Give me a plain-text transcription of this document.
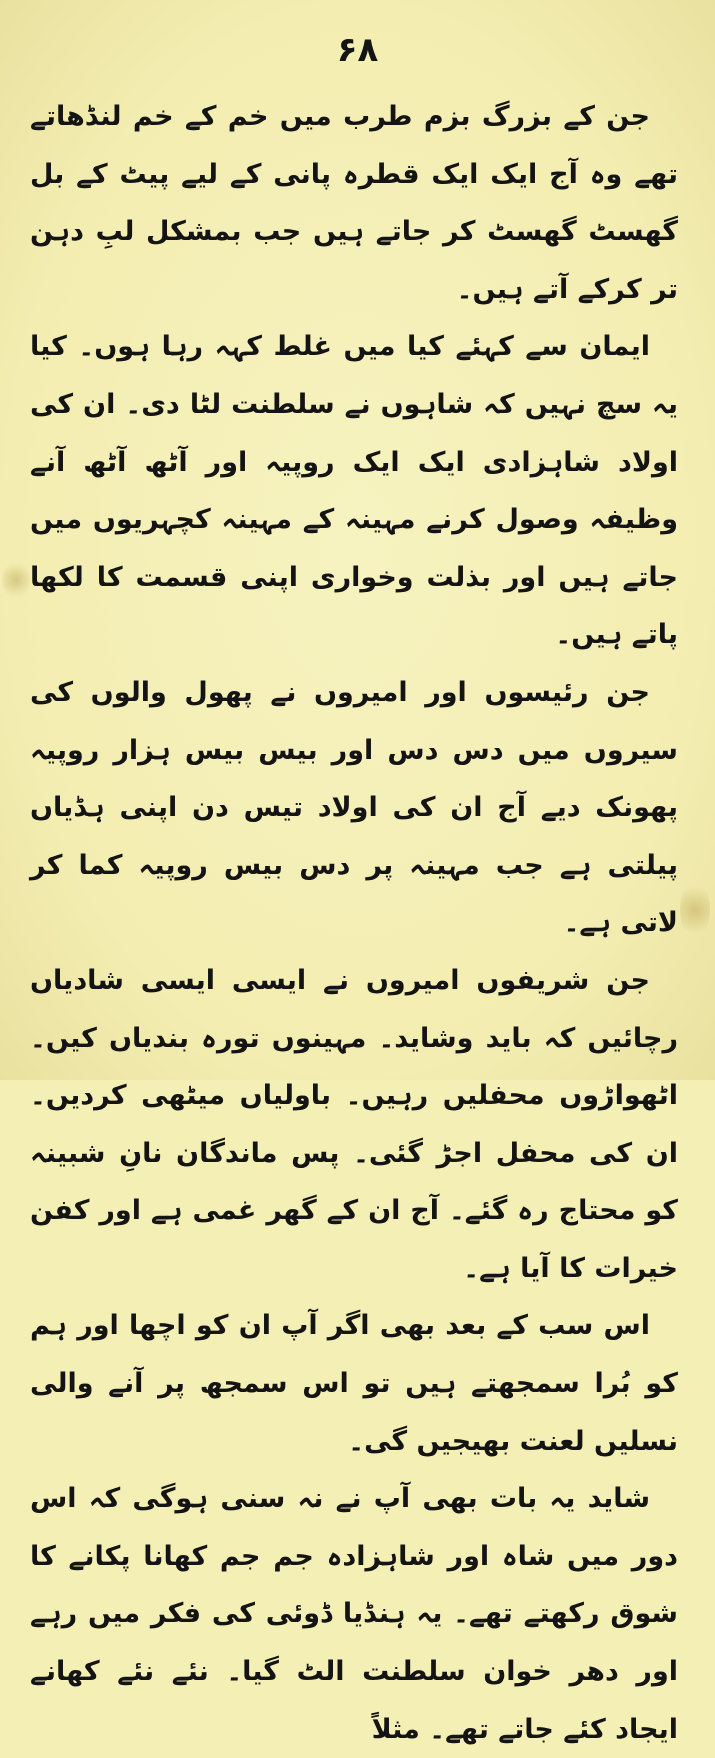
۶۸

جن کے بزرگ بزم طرب میں خم کے خم لنڈھاتے تھے وہ آج ایک ایک قطرہ پانی کے لیے پیٹ کے بل گھسٹ گھسٹ کر جاتے ہیں جب بمشکل لبِ دہن تر کرکے آتے ہیں۔

ایمان سے کہئے کیا میں غلط کہہ رہا ہوں۔ کیا یہ سچ نہیں کہ شاہوں نے سلطنت لٹا دی۔ ان کی اولاد شاہزادی ایک ایک روپیہ اور آٹھ آٹھ آنے وظیفہ وصول کرنے مہینہ کے مہینہ کچہریوں میں جاتے ہیں اور بذلت وخواری اپنی قسمت کا لکھا پاتے ہیں۔

جن رئیسوں اور امیروں نے پھول والوں کی سیروں میں دس دس اور بیس بیس ہزار روپیہ پھونک دیے آج ان کی اولاد تیس دن اپنی ہڈیاں پیلتی ہے جب مہینہ پر دس بیس روپیہ کما کر لاتی ہے۔

جن شریفوں امیروں نے ایسی ایسی شادیاں رچائیں کہ باید وشاید۔ مہینوں تورہ بندیاں کیں۔ اٹھواڑوں محفلیں رہیں۔ باولیاں میٹھی کردیں۔ ان کی محفل اجڑ گئی۔ پس ماندگان نانِ شبینہ کو محتاج رہ گئے۔ آج ان کے گھر غمی ہے اور کفن خیرات کا آیا ہے۔

اس سب کے بعد بھی اگر آپ ان کو اچھا اور ہم کو بُرا سمجھتے ہیں تو اس سمجھ پر آنے والی نسلیں لعنت بھیجیں گی۔

شاید یہ بات بھی آپ نے نہ سنی ہوگی کہ اس دور میں شاہ اور شاہزادہ جم جم کھانا پکانے کا شوق رکھتے تھے۔ یہ ہنڈیا ڈوئی کی فکر میں رہے اور دھر خوان سلطنت الٹ گیا۔ نئے نئے کھانے ایجاد کئے جاتے تھے۔ مثلاً
